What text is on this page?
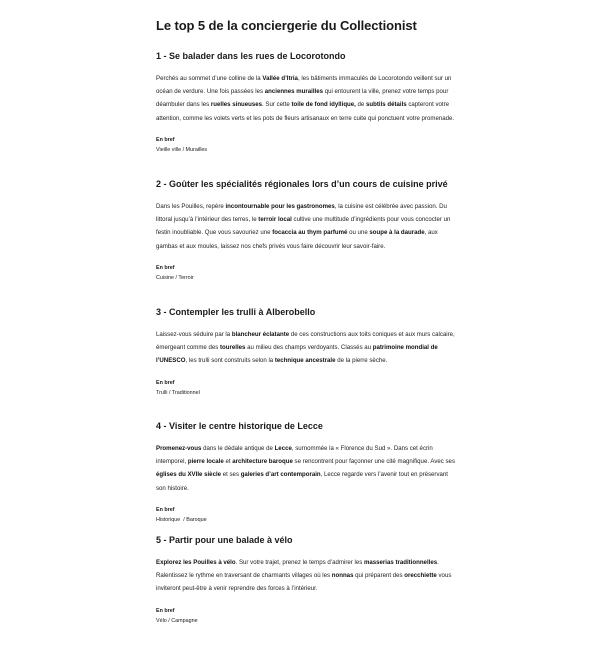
Le top 5 de la conciergerie du Collectionist
1 - Se balader dans les rues de Locorotondo

Perchés au sommet d’une colline de la Vallée d’Itria, les bâtiments immaculés de Locorotondo veillent sur un océan de verdure. Une fois passées les anciennes murailles qui entourent la ville, prenez votre temps pour déambuler dans les ruelles sinueuses. Sur cette toile de fond idyllique, de subtils détails capteront votre attention, comme les volets verts et les pots de fleurs artisanaux en terre cuite qui ponctuent votre promenade.

En bref

Vieille ville / Murailles

2 - Goûter les spécialités régionales lors d’un cours de cuisine privé

Dans les Pouilles, repère incontournable pour les gastronomes, la cuisine est célébrée avec passion. Du littoral jusqu’à l’intérieur des terres, le terroir local cultive une multitude d’ingrédients pour vous concocter un festin inoubliable. Que vous savouriez une focaccia au thym parfumé ou une soupe à la daurade, aux gambas et aux moules, laissez nos chefs privés vous faire découvrir leur savoir-faire.

En bref

Cuisine / Terroir

3 - Contempler les trulli à Alberobello

Laissez-vous séduire par la blancheur éclatante de ces constructions aux toits coniques et aux murs calcaire, émergeant comme des tourelles au milieu des champs verdoyants. Classés au patrimoine mondial de l’UNESCO, les trulli sont construits selon la technique ancestrale de la pierre sèche.

En bref

Trulli / Traditionnel

4 - Visiter le centre historique de Lecce

Promenez-vous dans le dédale antique de Lecce, surnommée la « Florence du Sud ». Dans cet écrin intemporel, pierre locale et architecture baroque se rencontrent pour façonner une cité magnifique. Avec ses églises du XVIIe siècle et ses galeries d’art contemporain, Lecce regarde vers l’avenir tout en préservant son histoire.

En bref

Historique  / Baroque

5 - Partir pour une balade à vélo

Explorez les Pouilles à vélo. Sur votre trajet, prenez le temps d’admirer les masserias traditionnelles. Ralentissez le rythme en traversant de charmants villages où les nonnas qui préparent des orecchiette vous inviteront peut-être à venir reprendre des forces à l’intérieur.

En bref

Vélo / Campagne
